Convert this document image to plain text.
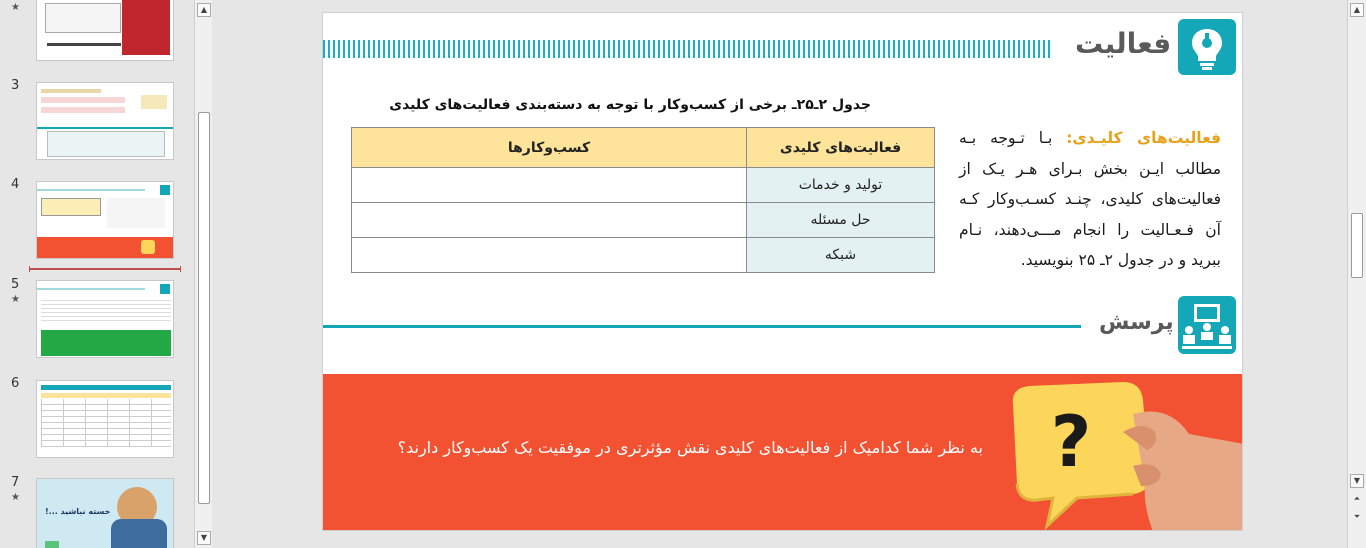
★
3
4
5
★
6
7
★
خسته نباشید ...!
▲
▼
فعالیت
جدول ۲ـ۲۵ـ برخی از کسب‌وکار با توجه به دسته‌بندی فعالیت‌های کلیدی
فعالیت‌های کلیدی	کسب‌وکارها
تولید و خدمات	
حل مسئله	
شبکه	
فعالیت‌های کلیـدی: بـا تـوجه بـه مطالب ایـن بخش بـرای هـر یـک از فعالیت‌های کلیدی، چنـد کسـب‌وکار کـه آن فـعـالیت را انجام مـــی‌دهند، نـام ببرید و در جدول ۲ـ ۲۵ بنویسید.
پرسش
به نظر شما کدامیک از فعالیت‌های کلیدی نقش مؤثرتری در موفقیت یک کسب‌وکار دارند؟ ?
▲
▼
⏶
⏷
